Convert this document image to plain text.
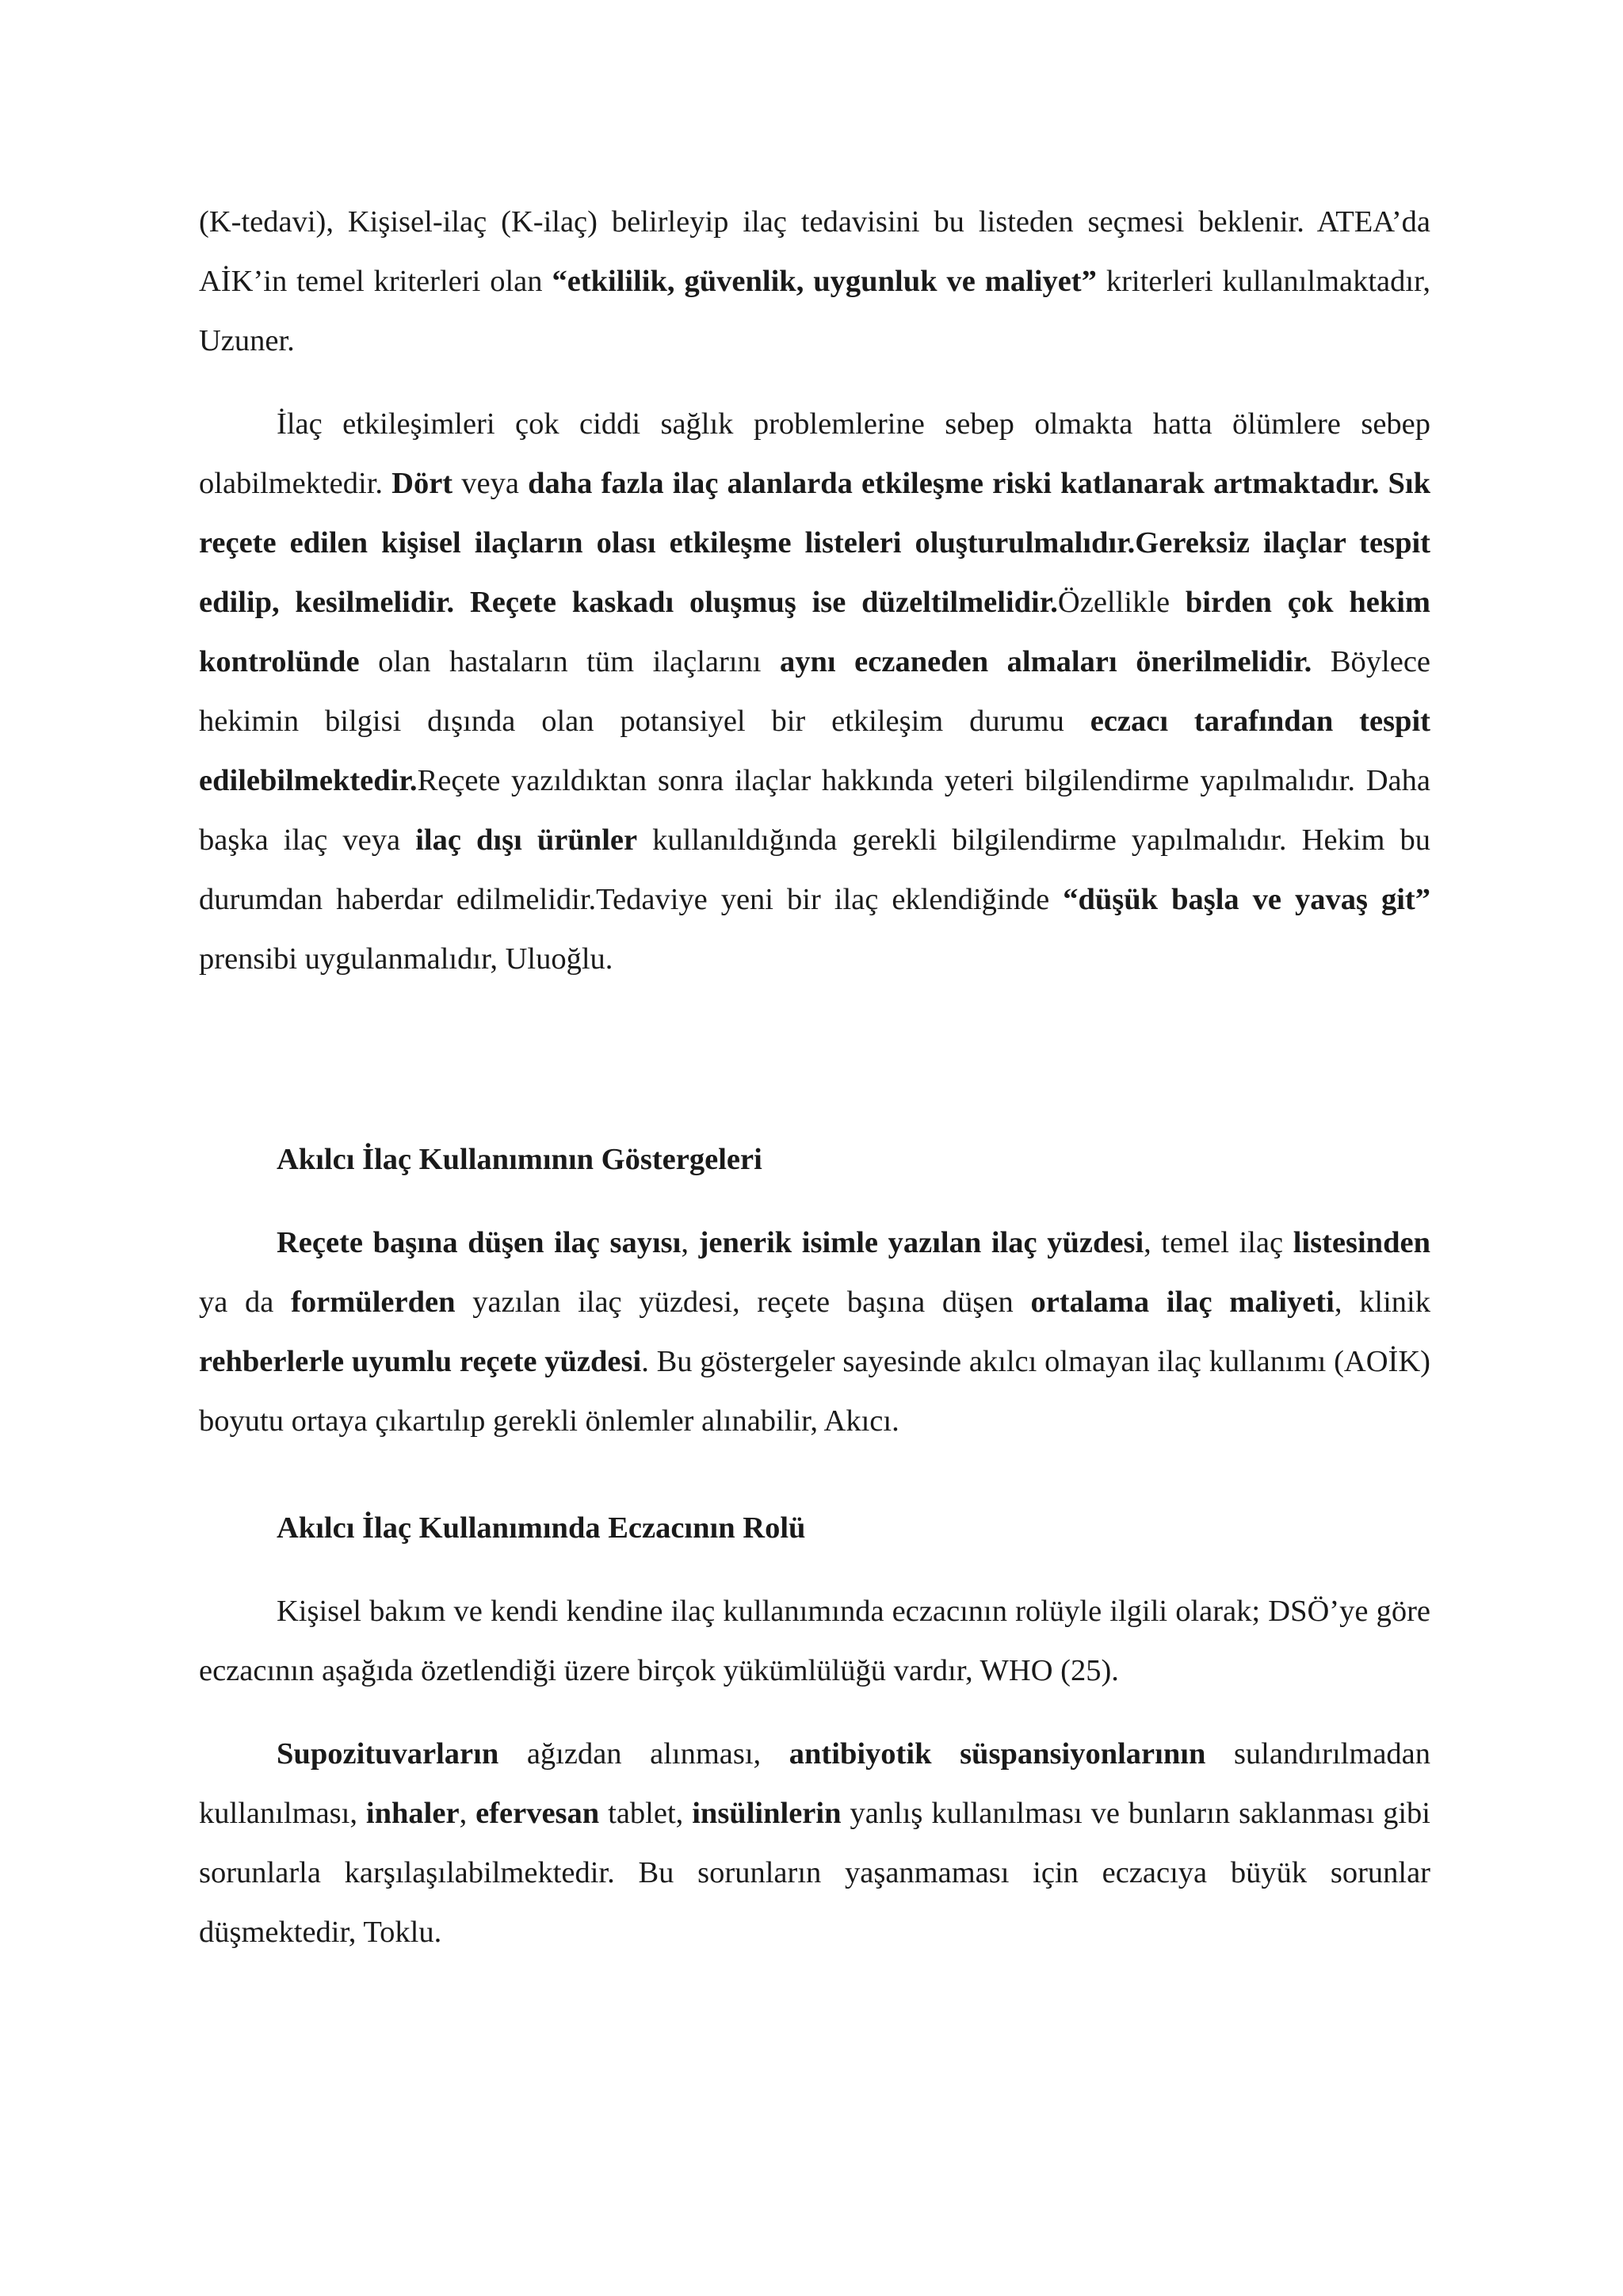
(K-tedavi), Kişisel-ilaç (K-ilaç) belirleyip ilaç tedavisini bu listeden seçmesi beklenir. ATEA’da AİK’in temel kriterleri olan “etkililik, güvenlik, uygunluk ve maliyet” kriterleri kullanılmaktadır, Uzuner.

İlaç etkileşimleri çok ciddi sağlık problemlerine sebep olmakta hatta ölümlere sebep olabilmektedir. Dört veya daha fazla ilaç alanlarda etkileşme riski katlanarak artmaktadır. Sık reçete edilen kişisel ilaçların olası etkileşme listeleri oluşturulmalıdır.Gereksiz ilaçlar tespit edilip, kesilmelidir. Reçete kaskadı oluşmuş ise düzeltilmelidir.Özellikle birden çok hekim kontrolünde olan hastaların tüm ilaçlarını aynı eczaneden almaları önerilmelidir. Böylece hekimin bilgisi dışında olan potansiyel bir etkileşim durumu eczacı tarafından tespit edilebilmektedir.Reçete yazıldıktan sonra ilaçlar hakkında yeteri bilgilendirme yapılmalıdır. Daha başka ilaç veya ilaç dışı ürünler kullanıldığında gerekli bilgilendirme yapılmalıdır. Hekim bu durumdan haberdar edilmelidir.Tedaviye yeni bir ilaç eklendiğinde “düşük başla ve yavaş git” prensibi uygulanmalıdır, Uluoğlu.

Akılcı İlaç Kullanımının Göstergeleri

Reçete başına düşen ilaç sayısı, jenerik isimle yazılan ilaç yüzdesi, temel ilaç listesinden ya da formülerden yazılan ilaç yüzdesi, reçete başına düşen ortalama ilaç maliyeti, klinik rehberlerle uyumlu reçete yüzdesi. Bu göstergeler sayesinde akılcı olmayan ilaç kullanımı (AOİK) boyutu ortaya çıkartılıp gerekli önlemler alınabilir, Akıcı.

Akılcı İlaç Kullanımında Eczacının Rolü

Kişisel bakım ve kendi kendine ilaç kullanımında eczacının rolüyle ilgili olarak; DSÖ’ye göre eczacının aşağıda özetlendiği üzere birçok yükümlülüğü vardır, WHO (25).

Supozituvarların ağızdan alınması, antibiyotik süspansiyonlarının sulandırılmadan kullanılması, inhaler, efervesan tablet, insülinlerin yanlış kullanılması ve bunların saklanması gibi sorunlarla karşılaşılabilmektedir. Bu sorunların yaşanmaması için eczacıya büyük sorunlar düşmektedir, Toklu.
